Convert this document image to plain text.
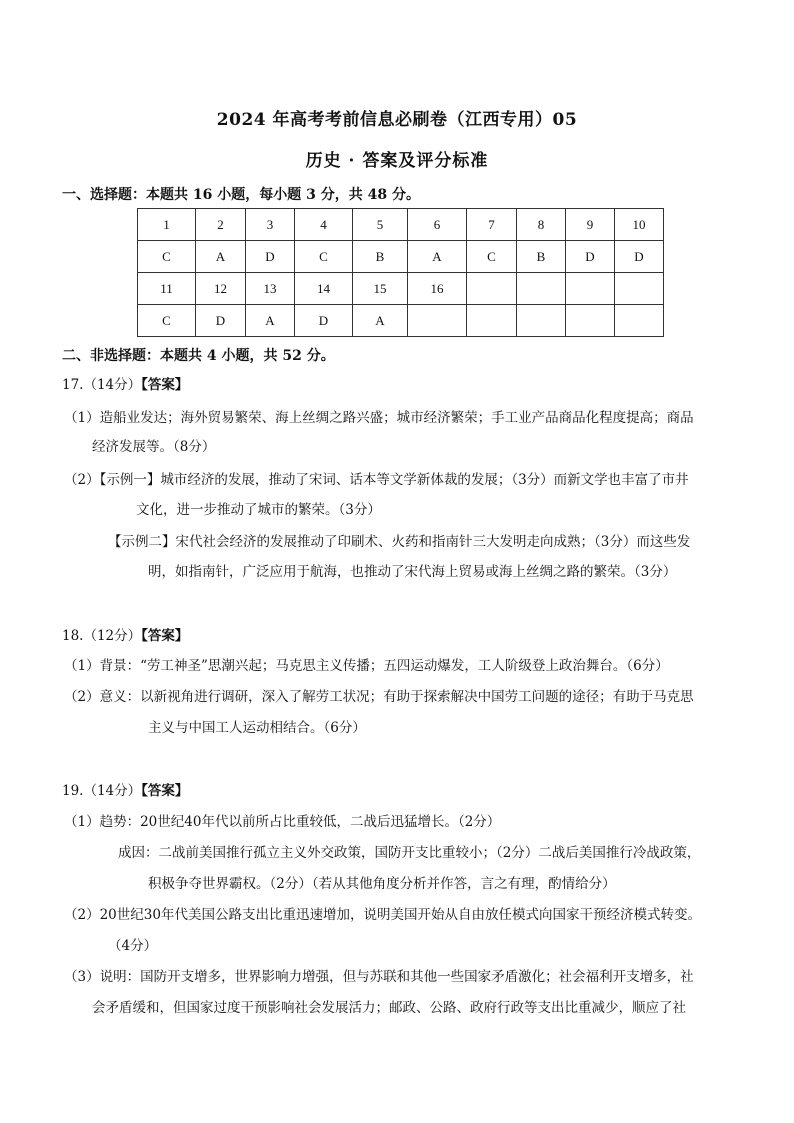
2024 年高考考前信息必刷卷（江西专用）05
历史 · 答案及评分标准
一、选择题：本题共 16 小题，每小题 3 分，共 48 分。
1	2	3	4	5	6	7	8	9	10
C	A	D	C	B	A	C	B	D	D
11	12	13	14	15	16				
C	D	A	D	A					
二、非选择题：本题共 4 小题，共 52 分。
17.（14分）【答案】
（1）造船业发达；海外贸易繁荣、海上丝绸之路兴盛；城市经济繁荣；手工业产品商品化程度提高；商品
经济发展等。（8分）
（2）【示例一】城市经济的发展，推动了宋词、话本等文学新体裁的发展；（3分）而新文学也丰富了市井
文化，进一步推动了城市的繁荣。（3分）
【示例二】宋代社会经济的发展推动了印刷术、火药和指南针三大发明走向成熟；（3分）而这些发
明，如指南针，广泛应用于航海，也推动了宋代海上贸易或海上丝绸之路的繁荣。（3分）
18.（12分）【答案】
（1）背景：“劳工神圣”思潮兴起；马克思主义传播；五四运动爆发，工人阶级登上政治舞台。（6分）
（2）意义：以新视角进行调研，深入了解劳工状况；有助于探索解决中国劳工问题的途径；有助于马克思
主义与中国工人运动相结合。（6分）
19.（14分）【答案】
（1）趋势：20世纪40年代以前所占比重较低，二战后迅猛增长。（2分）
成因：二战前美国推行孤立主义外交政策，国防开支比重较小；（2分）二战后美国推行冷战政策，
积极争夺世界霸权。（2分）（若从其他角度分析并作答，言之有理，酌情给分）
（2）20世纪30年代美国公路支出比重迅速增加，说明美国开始从自由放任模式向国家干预经济模式转变。
（4分）
（3）说明：国防开支增多，世界影响力增强，但与苏联和其他一些国家矛盾激化；社会福利开支增多，社
会矛盾缓和，但国家过度干预影响社会发展活力；邮政、公路、政府行政等支出比重减少，顺应了社
